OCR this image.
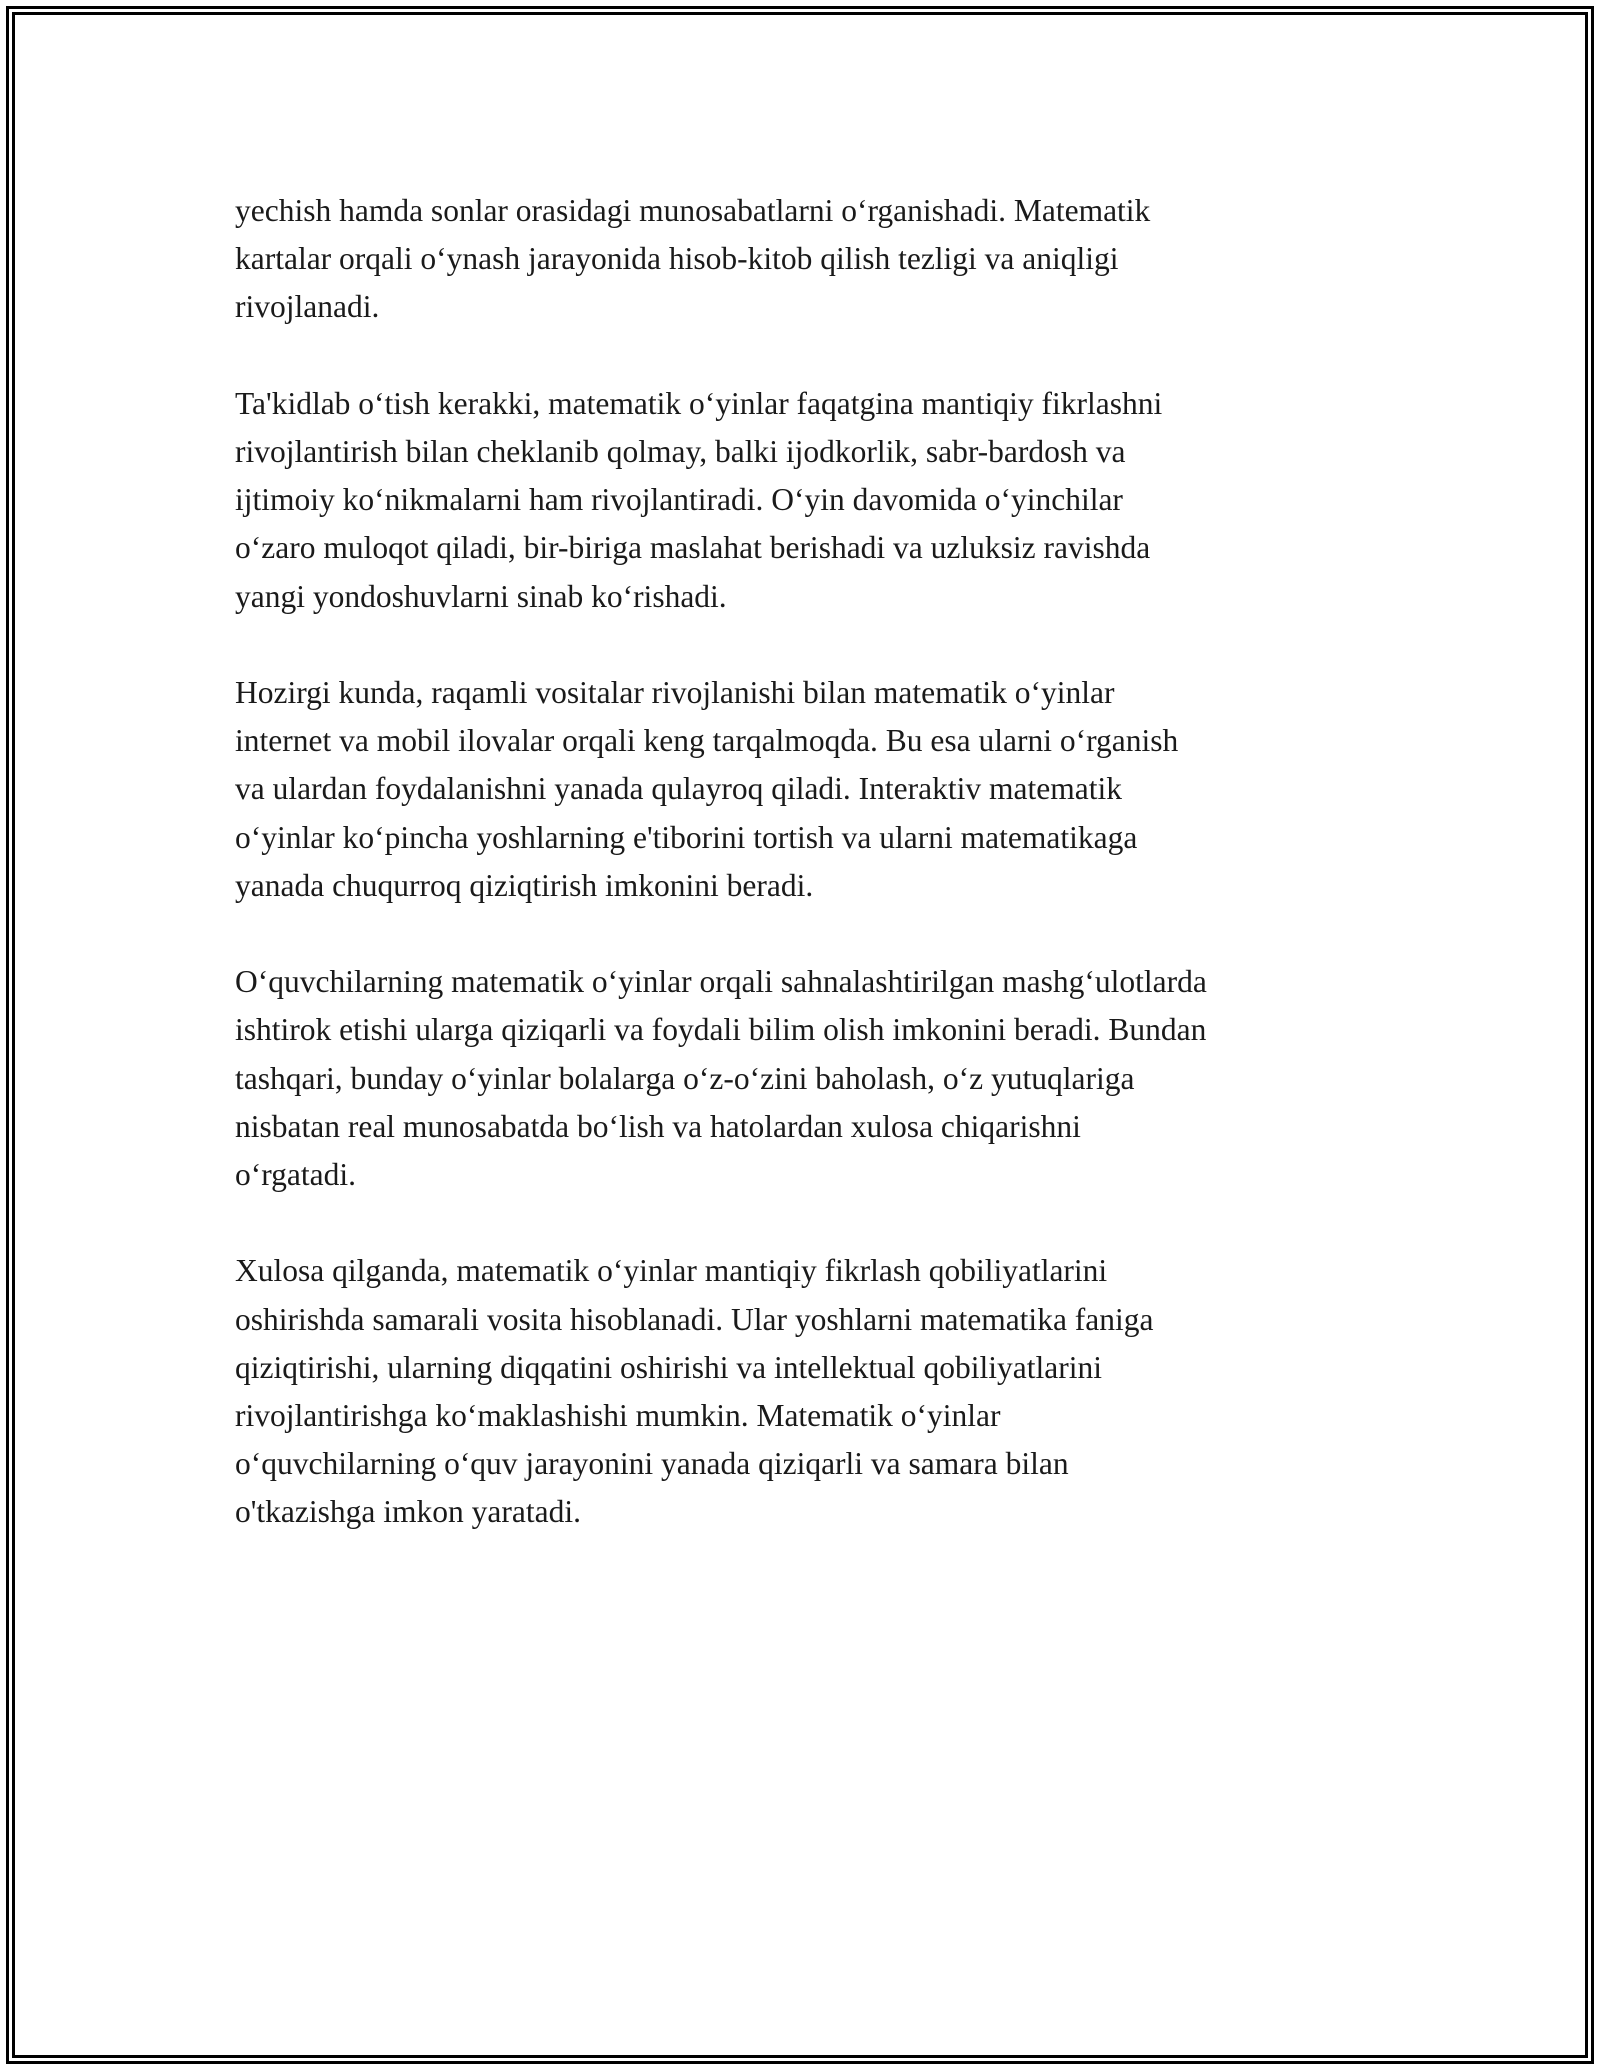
yechish hamda sonlar orasidagi munosabatlarni o‘rganishadi. Matematik
kartalar orqali o‘ynash jarayonida hisob-kitob qilish tezligi va aniqligi
rivojlanadi.

Ta'kidlab o‘tish kerakki, matematik o‘yinlar faqatgina mantiqiy fikrlashni
rivojlantirish bilan cheklanib qolmay, balki ijodkorlik, sabr-bardosh va
ijtimoiy ko‘nikmalarni ham rivojlantiradi. O‘yin davomida o‘yinchilar
o‘zaro muloqot qiladi, bir-biriga maslahat berishadi va uzluksiz ravishda
yangi yondoshuvlarni sinab ko‘rishadi.

Hozirgi kunda, raqamli vositalar rivojlanishi bilan matematik o‘yinlar
internet va mobil ilovalar orqali keng tarqalmoqda. Bu esa ularni o‘rganish
va ulardan foydalanishni yanada qulayroq qiladi. Interaktiv matematik
o‘yinlar ko‘pincha yoshlarning e'tiborini tortish va ularni matematikaga
yanada chuqurroq qiziqtirish imkonini beradi.

O‘quvchilarning matematik o‘yinlar orqali sahnalashtirilgan mashg‘ulotlarda
ishtirok etishi ularga qiziqarli va foydali bilim olish imkonini beradi. Bundan
tashqari, bunday o‘yinlar bolalarga o‘z-o‘zini baholash, o‘z yutuqlariga
nisbatan real munosabatda bo‘lish va hatolardan xulosa chiqarishni
o‘rgatadi.

Xulosa qilganda, matematik o‘yinlar mantiqiy fikrlash qobiliyatlarini
oshirishda samarali vosita hisoblanadi. Ular yoshlarni matematika faniga
qiziqtirishi, ularning diqqatini oshirishi va intellektual qobiliyatlarini
rivojlantirishga ko‘maklashishi mumkin. Matematik o‘yinlar
o‘quvchilarning o‘quv jarayonini yanada qiziqarli va samara bilan
o'tkazishga imkon yaratadi.
